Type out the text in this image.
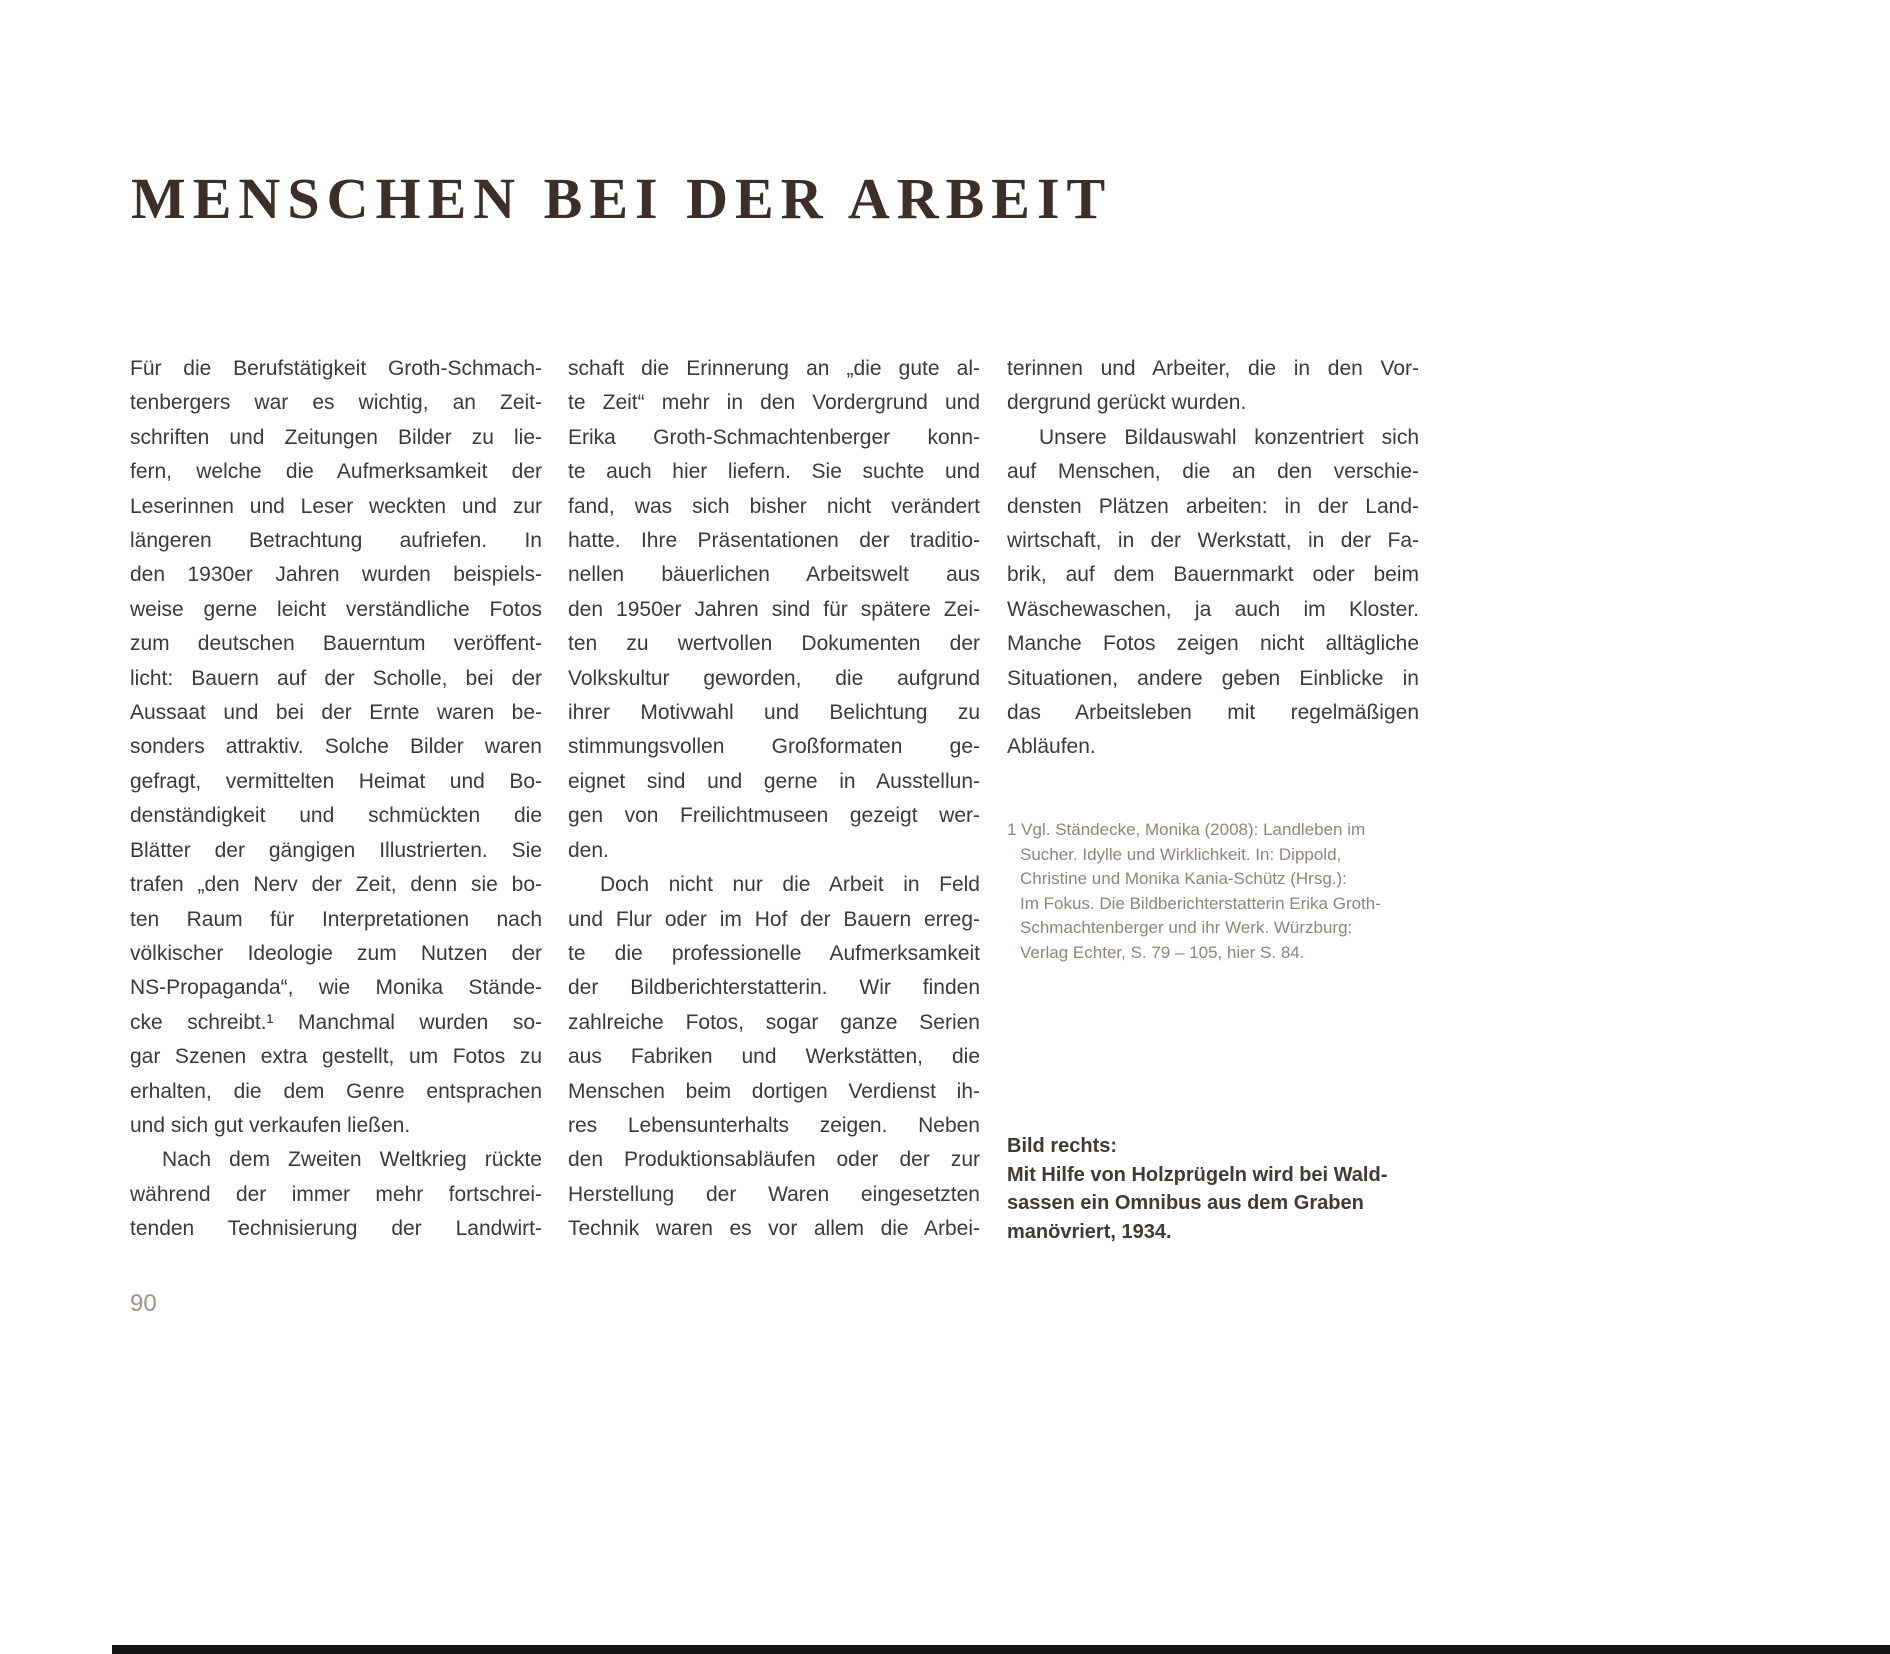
MENSCHEN BEI DER ARBEIT
Für die Berufstätigkeit Groth-Schmach-
tenbergers war es wichtig, an Zeit-
schriften und Zeitungen Bilder zu lie-
fern, welche die Aufmerksamkeit der
Leserinnen und Leser weckten und zur
längeren Betrachtung aufriefen. In
den 1930er Jahren wurden beispiels-
weise gerne leicht verständliche Fotos
zum deutschen Bauerntum veröffent-
licht: Bauern auf der Scholle, bei der
Aussaat und bei der Ernte waren be-
sonders attraktiv. Solche Bilder waren
gefragt, vermittelten Heimat und Bo-
denständigkeit und schmückten die
Blätter der gängigen Illustrierten. Sie
trafen „den Nerv der Zeit, denn sie bo-
ten Raum für Interpretationen nach
völkischer Ideologie zum Nutzen der
NS-Propaganda“, wie Monika Stände-
cke schreibt.¹ Manchmal wurden so-
gar Szenen extra gestellt, um Fotos zu
erhalten, die dem Genre entsprachen
und sich gut verkaufen ließen.
Nach dem Zweiten Weltkrieg rückte
während der immer mehr fortschrei-
tenden Technisierung der Landwirt-
schaft die Erinnerung an „die gute al-
te Zeit“ mehr in den Vordergrund und
Erika Groth-Schmachtenberger konn-
te auch hier liefern. Sie suchte und
fand, was sich bisher nicht verändert
hatte. Ihre Präsentationen der traditio-
nellen bäuerlichen Arbeitswelt aus
den 1950er Jahren sind für spätere Zei-
ten zu wertvollen Dokumenten der
Volkskultur geworden, die aufgrund
ihrer Motivwahl und Belichtung zu
stimmungsvollen Großformaten ge-
eignet sind und gerne in Ausstellun-
gen von Freilichtmuseen gezeigt wer-
den.
Doch nicht nur die Arbeit in Feld
und Flur oder im Hof der Bauern erreg-
te die professionelle Aufmerksamkeit
der Bildberichterstatterin. Wir finden
zahlreiche Fotos, sogar ganze Serien
aus Fabriken und Werkstätten, die
Menschen beim dortigen Verdienst ih-
res Lebensunterhalts zeigen. Neben
den Produktionsabläufen oder der zur
Herstellung der Waren eingesetzten
Technik waren es vor allem die Arbei-
terinnen und Arbeiter, die in den Vor-
dergrund gerückt wurden.
Unsere Bildauswahl konzentriert sich
auf Menschen, die an den verschie-
densten Plätzen arbeiten: in der Land-
wirtschaft, in der Werkstatt, in der Fa-
brik, auf dem Bauernmarkt oder beim
Wäschewaschen, ja auch im Kloster.
Manche Fotos zeigen nicht alltägliche
Situationen, andere geben Einblicke in
das Arbeitsleben mit regelmäßigen
Abläufen.
1 Vgl. Ständecke, Monika (2008): Landleben im
Sucher. Idylle und Wirklichkeit. In: Dippold,
Christine und Monika Kania-Schütz (Hrsg.):
Im Fokus. Die Bildberichterstatterin Erika Groth-
Schmachtenberger und ihr Werk. Würzburg:
Verlag Echter, S. 79 – 105, hier S. 84.
Bild rechts:
Mit Hilfe von Holzprügeln wird bei Wald-
sassen ein Omnibus aus dem Graben
manövriert, 1934.
90
